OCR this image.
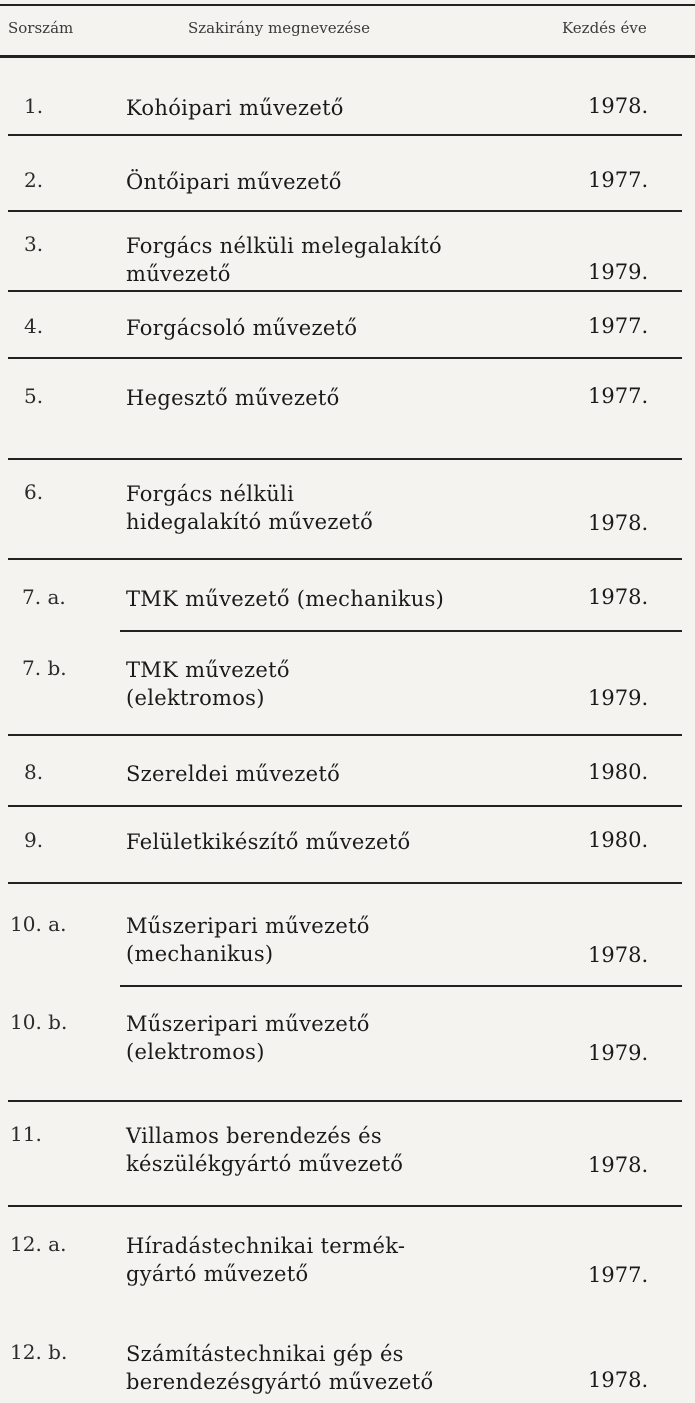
Sorszám	Szakirány megnevezése	Kezdés éve
1.	Kohóipari művezető	1978.
2.	Öntőipari művezető	1977.
3.	Forgács nélküli melegalakító
művezető	1979.
4.	Forgácsoló művezető	1977.
5.	Hegesztő művezető	1977.
6.	Forgács nélküli
hidegalakító művezető	1978.
7. a.	TMK művezető (mechanikus)	1978.
7. b.	TMK művezető
(elektromos)	1979.
8.	Szereldei művezető	1980.
9.	Felületkikészítő művezető	1980.
10. a.	Műszeripari művezető
(mechanikus)	1978.
10. b.	Műszeripari művezető
(elektromos)	1979.
11.	Villamos berendezés és
készülékgyártó művezető	1978.
12. a.	Híradástechnikai termék-
gyártó művezető	1977.
12. b.	Számítástechnikai gép és
berendezésgyártó művezető	1978.
